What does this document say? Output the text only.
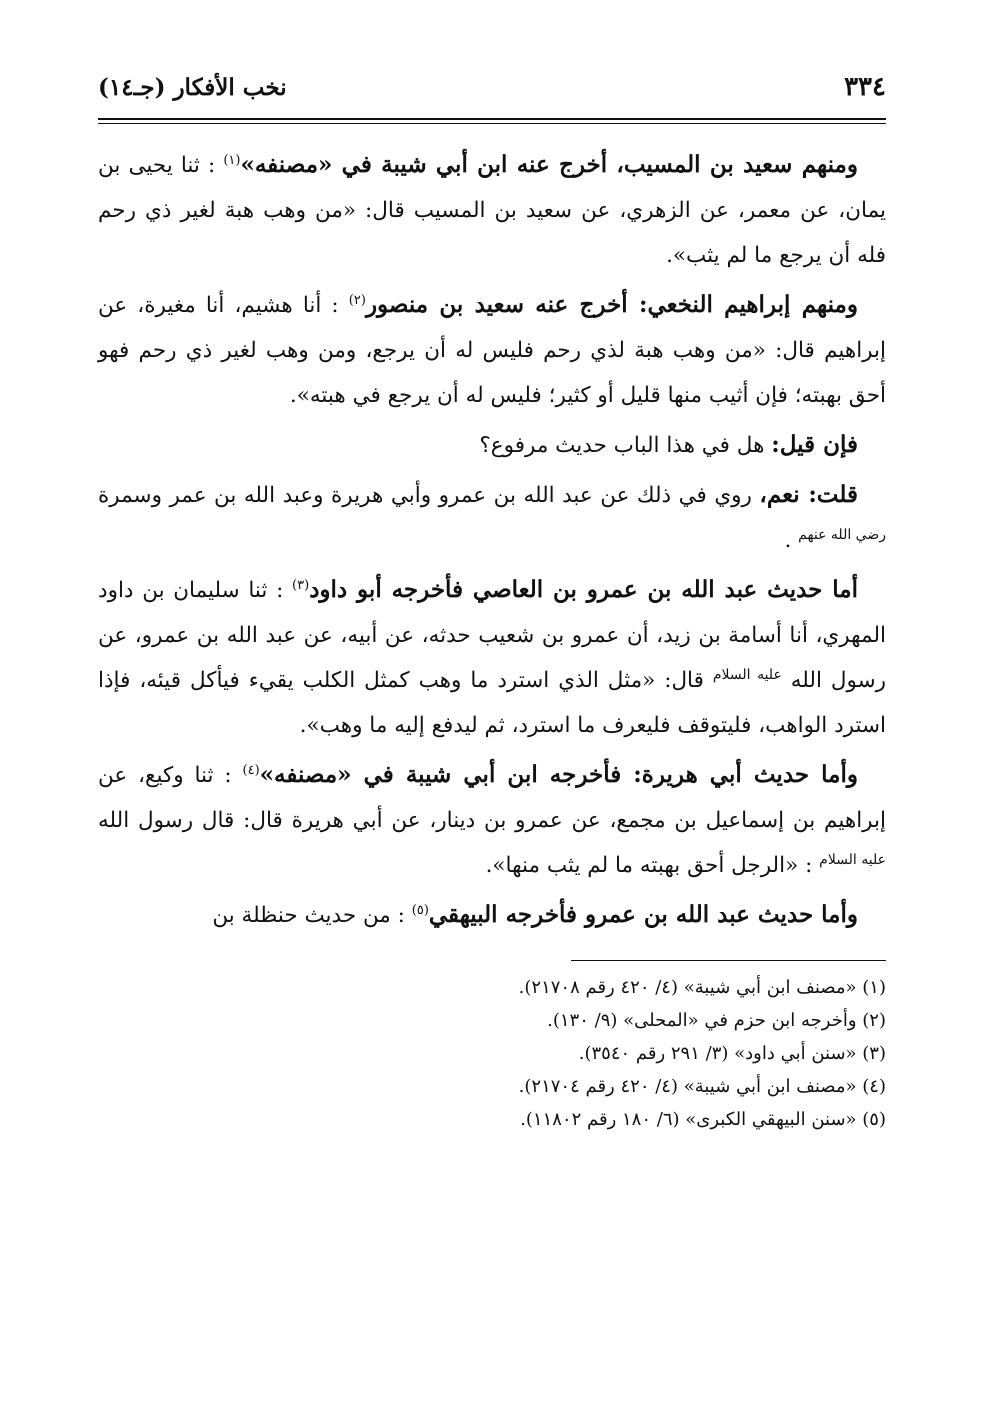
٣٣٤
نخب الأفكار (جـ١٤)

ومنهم سعيد بن المسيب، أخرج عنه ابن أبي شيبة في «مصنفه»$^{(١)}$ : ثنا يحيى بن يمان، عن معمر، عن الزهري، عن سعيد بن المسيب قال: «من وهب هبة لغير ذي رحم فله أن يرجع ما لم يثب».

ومنهم إبراهيم النخعي: أخرج عنه سعيد بن منصور$^{(٢)}$ : أنا هشيم، أنا مغيرة، عن إبراهيم قال: «من وهب هبة لذي رحم فليس له أن يرجع، ومن وهب لغير ذي رحم فهو أحق بهبته؛ فإن أثيب منها قليل أو كثير؛ فليس له أن يرجع في هبته».

فإن قيل: هل في هذا الباب حديث مرفوع؟

قلت: نعم، روي في ذلك عن عبد الله بن عمرو وأبي هريرة وعبد الله بن عمر وسمرة $^{رضي الله عنهم}$ .

أما حديث عبد الله بن عمرو بن العاصي فأخرجه أبو داود$^{(٣)}$ : ثنا سليمان بن داود المهري، أنا أسامة بن زيد، أن عمرو بن شعيب حدثه، عن أبيه، عن عبد الله بن عمرو، عن رسول الله $^{عليه السلام}$ قال: «مثل الذي استرد ما وهب كمثل الكلب يقيء فيأكل قيئه، فإذا استرد الواهب، فليتوقف فليعرف ما استرد، ثم ليدفع إليه ما وهب».

وأما حديث أبي هريرة: فأخرجه ابن أبي شيبة في «مصنفه»$^{(٤)}$ : ثنا وكيع، عن إبراهيم بن إسماعيل بن مجمع، عن عمرو بن دينار، عن أبي هريرة قال: قال رسول الله $^{عليه السلام}$ : «الرجل أحق بهبته ما لم يثب منها».

وأما حديث عبد الله بن عمرو فأخرجه البيهقي$^{(٥)}$ : من حديث حنظلة بن

(١) «مصنف ابن أبي شيبة» (٤/ ٤٢٠ رقم ٢١٧٠٨).
(٢) وأخرجه ابن حزم في «المحلى» (٩/ ١٣٠).
(٣) «سنن أبي داود» (٣/ ٢٩١ رقم ٣٥٤٠).
(٤) «مصنف ابن أبي شيبة» (٤/ ٤٢٠ رقم ٢١٧٠٤).
(٥) «سنن البيهقي الكبرى» (٦/ ١٨٠ رقم ١١٨٠٢).
